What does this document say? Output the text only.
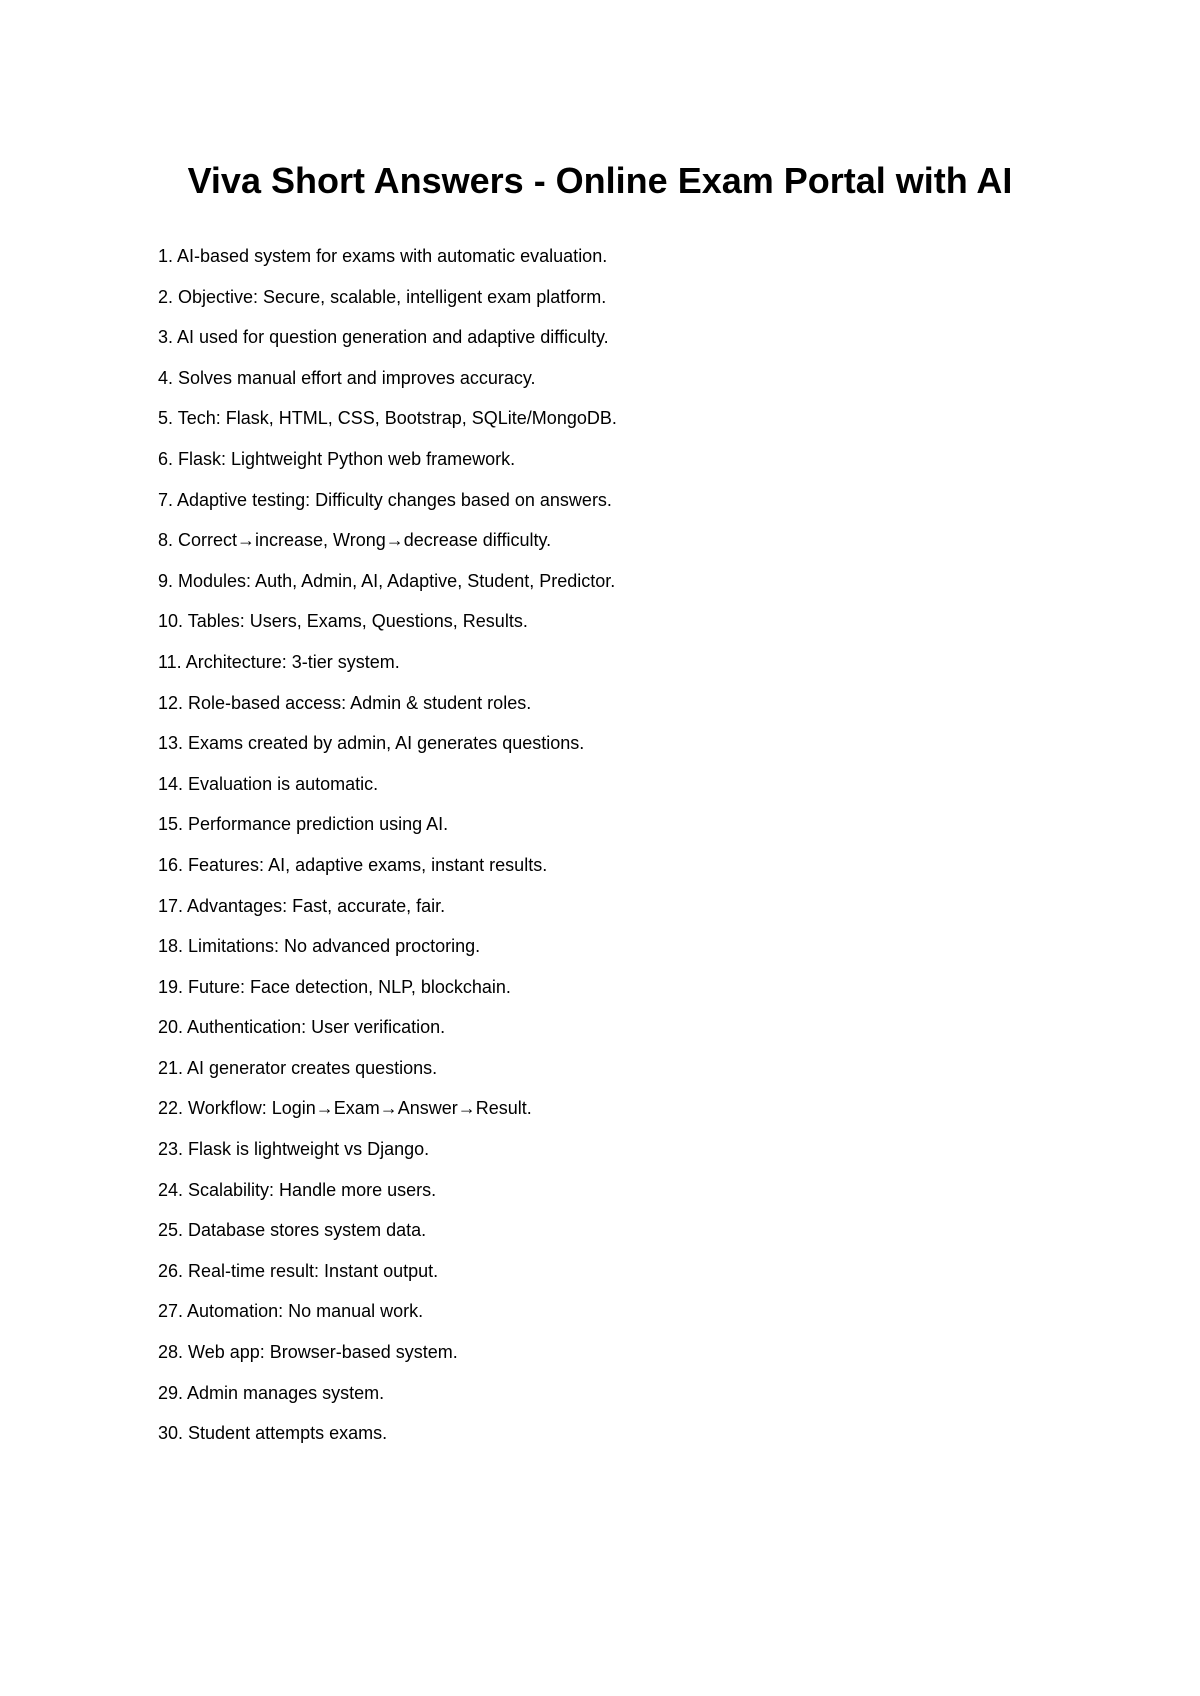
Viva Short Answers - Online Exam Portal with AI
1. AI-based system for exams with automatic evaluation.
2. Objective: Secure, scalable, intelligent exam platform.
3. AI used for question generation and adaptive difficulty.
4. Solves manual effort and improves accuracy.
5. Tech: Flask, HTML, CSS, Bootstrap, SQLite/MongoDB.
6. Flask: Lightweight Python web framework.
7. Adaptive testing: Difficulty changes based on answers.
8. Correct→increase, Wrong→decrease difficulty.
9. Modules: Auth, Admin, AI, Adaptive, Student, Predictor.
10. Tables: Users, Exams, Questions, Results.
11. Architecture: 3-tier system.
12. Role-based access: Admin & student roles.
13. Exams created by admin, AI generates questions.
14. Evaluation is automatic.
15. Performance prediction using AI.
16. Features: AI, adaptive exams, instant results.
17. Advantages: Fast, accurate, fair.
18. Limitations: No advanced proctoring.
19. Future: Face detection, NLP, blockchain.
20. Authentication: User verification.
21. AI generator creates questions.
22. Workflow: Login→Exam→Answer→Result.
23. Flask is lightweight vs Django.
24. Scalability: Handle more users.
25. Database stores system data.
26. Real-time result: Instant output.
27. Automation: No manual work.
28. Web app: Browser-based system.
29. Admin manages system.
30. Student attempts exams.
